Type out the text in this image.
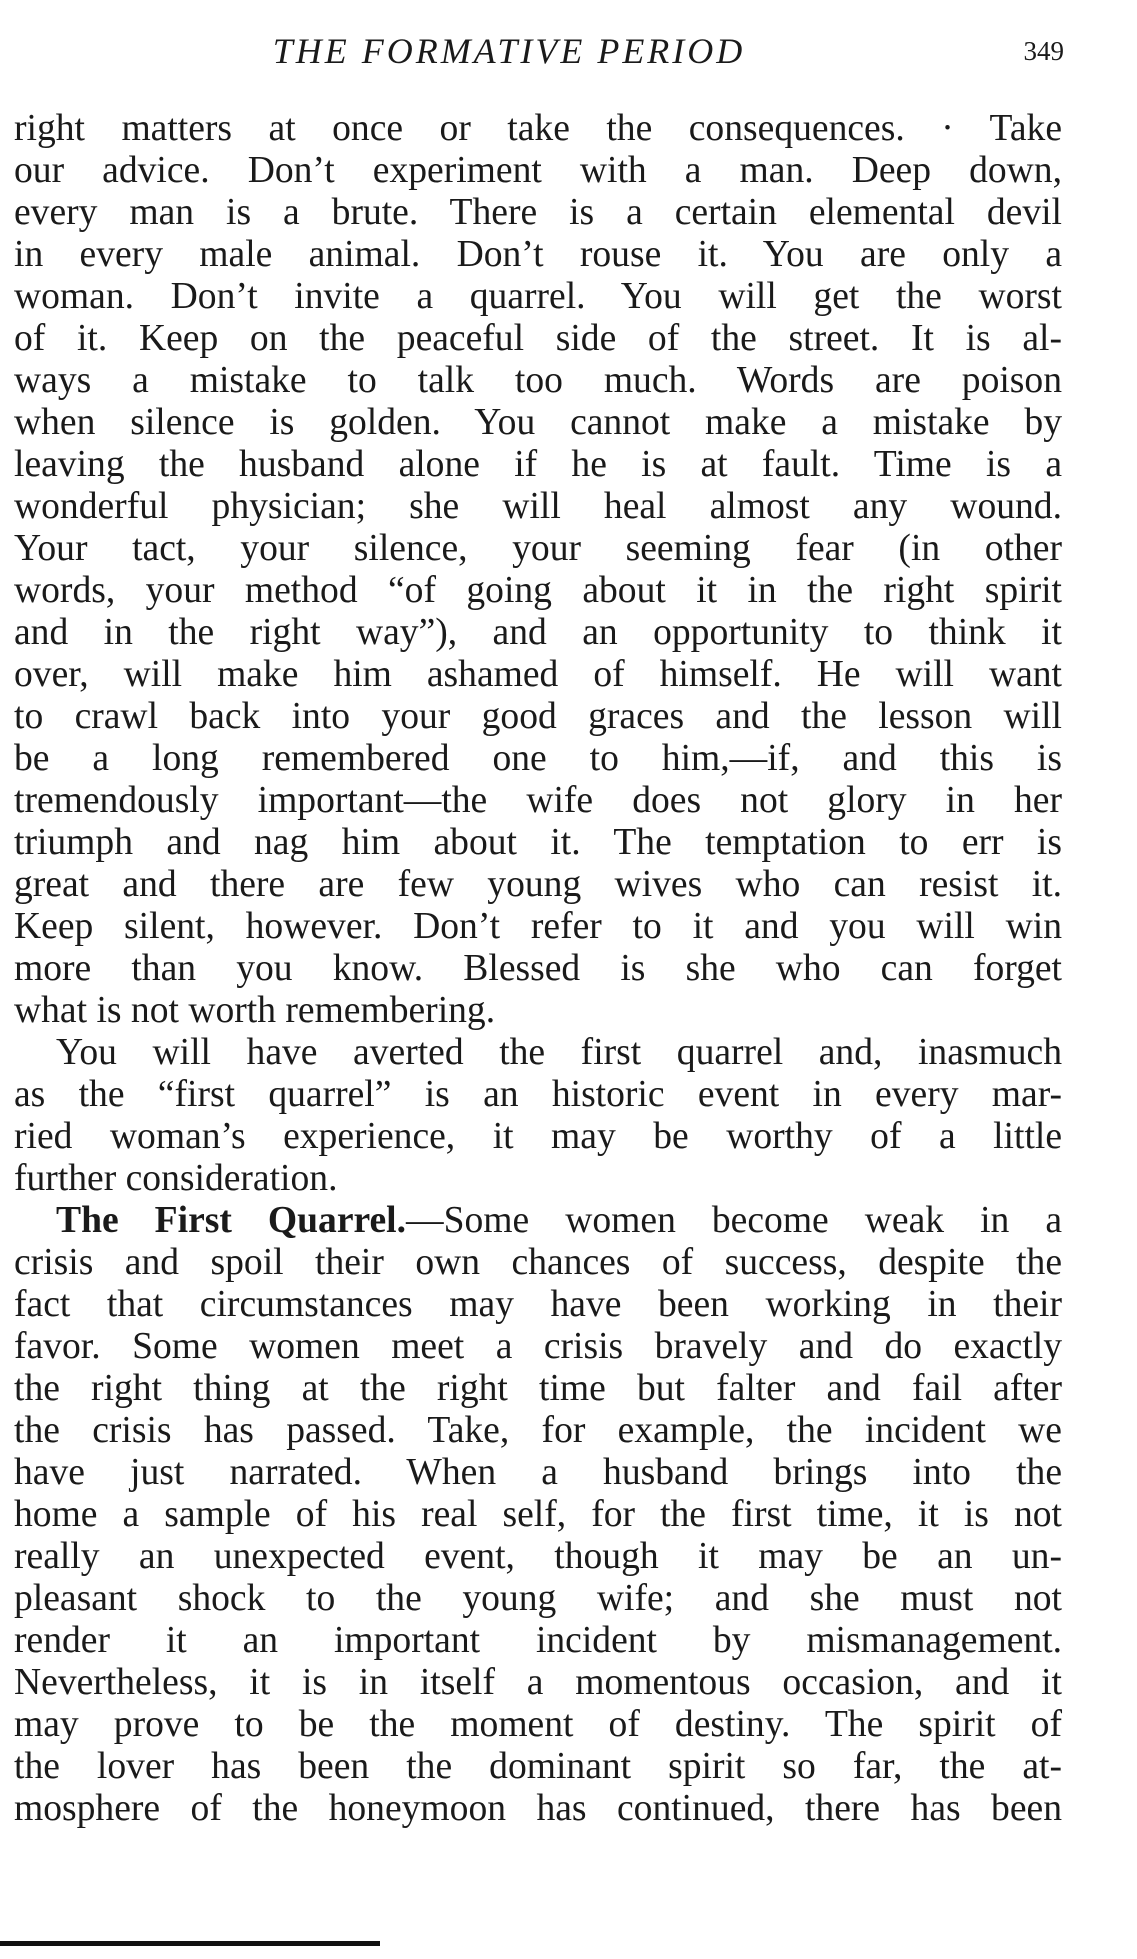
THE FORMATIVE PERIOD	349

right matters at once or take the consequences. · Take
our advice. Don’t experiment with a man. Deep down,
every man is a brute. There is a certain elemental devil
in every male animal. Don’t rouse it. You are only a
woman. Don’t invite a quarrel. You will get the worst
of it. Keep on the peaceful side of the street. It is al-
ways a mistake to talk too much. Words are poison
when silence is golden. You cannot make a mistake by
leaving the husband alone if he is at fault. Time is a
wonderful physician; she will heal almost any wound.
Your tact, your silence, your seeming fear (in other
words, your method “of going about it in the right spirit
and in the right way”), and an opportunity to think it
over, will make him ashamed of himself. He will want
to crawl back into your good graces and the lesson will
be a long remembered one to him,—if, and this is
tremendously important—the wife does not glory in her
triumph and nag him about it. The temptation to err is
great and there are few young wives who can resist it.
Keep silent, however. Don’t refer to it and you will win
more than you know. Blessed is she who can forget
what is not worth remembering.

You will have averted the first quarrel and, inasmuch
as the “first quarrel” is an historic event in every mar-
ried woman’s experience, it may be worthy of a little
further consideration.

The First Quarrel.—Some women become weak in a
crisis and spoil their own chances of success, despite the
fact that circumstances may have been working in their
favor. Some women meet a crisis bravely and do exactly
the right thing at the right time but falter and fail after
the crisis has passed. Take, for example, the incident we
have just narrated. When a husband brings into the
home a sample of his real self, for the first time, it is not
really an unexpected event, though it may be an un-
pleasant shock to the young wife; and she must not
render it an important incident by mismanagement.
Nevertheless, it is in itself a momentous occasion, and it
may prove to be the moment of destiny. The spirit of
the lover has been the dominant spirit so far, the at-
mosphere of the honeymoon has continued, there has been
